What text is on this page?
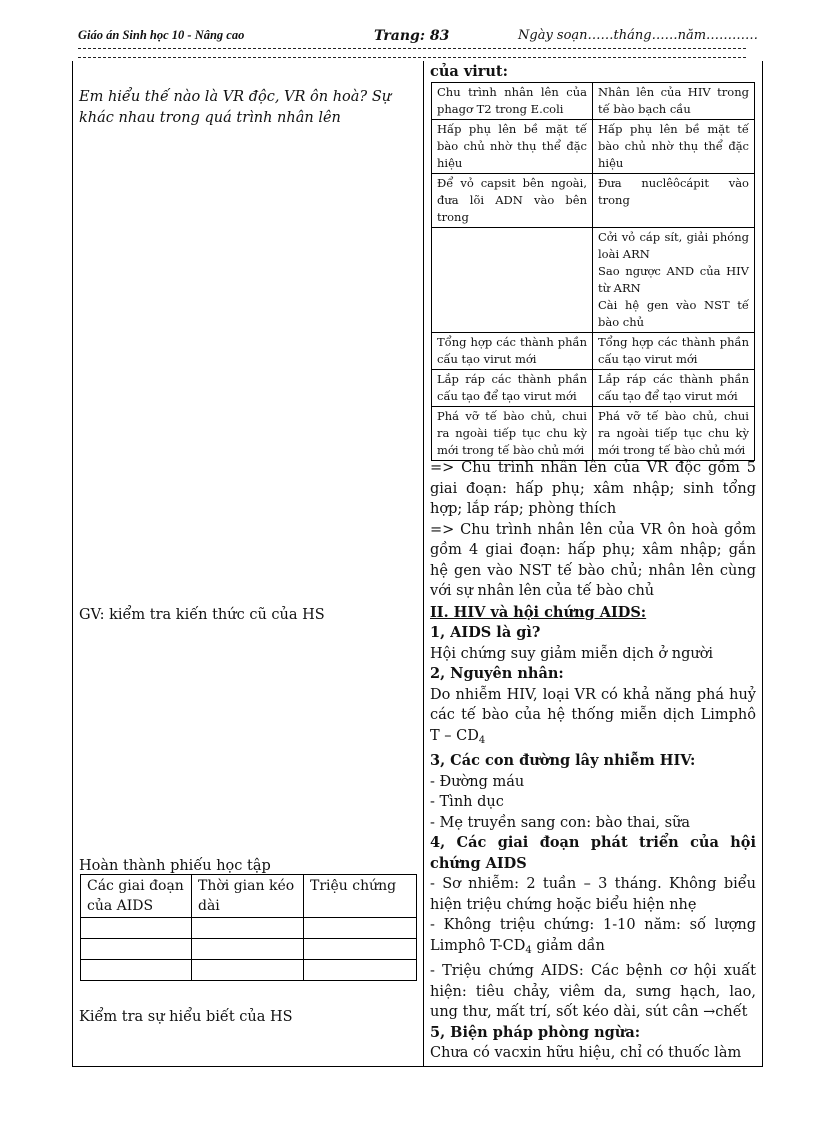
Giáo án Sinh học 10 - Nâng cao	Trang: 83	Ngày soạn……tháng……năm…………
Em hiểu thế nào là VR độc, VR ôn hoà? Sự khác nhau trong quá trình nhân lên
GV: kiểm tra kiến thức cũ của HS
Hoàn thành phiếu học tập
Các giai đoạn của AIDS	Thời gian kéo dài	Triệu chứng

Kiểm tra sự hiểu biết của HS

của virut:

Chu trình nhân lên của phagơ T2 trong E.coli	Nhân lên của HIV trong tế bào bạch cầu
Hấp phụ lên bề mặt tế bào chủ nhờ thụ thể đặc hiệu	Hấp phụ lên bề mặt tế bào chủ nhờ thụ thể đặc hiệu
Để vỏ capsit bên ngoài, đưa lõi ADN vào bên trong	Đưa nuclêôcápit vào trong
	Cởi vỏ cáp sít, giải phóng loài ARN
Sao ngược AND của HIV từ ARN
Cài hệ gen vào NST tế bào chủ
Tổng hợp các thành phần cấu tạo virut mới	Tổng hợp các thành phần cấu tạo virut mới
Lắp ráp các thành phần cấu tạo để tạo virut mới	Lắp ráp các thành phần cấu tạo để tạo virut mới
Phá vỡ tế bào chủ, chui ra ngoài tiếp tục chu kỳ mới trong tế bào chủ mới	Phá vỡ tế bào chủ, chui ra ngoài tiếp tục chu kỳ mới trong tế bào chủ mới

=> Chu trình nhân lên của VR độc gồm 5 giai đoạn: hấp phụ; xâm nhập; sinh tổng hợp; lắp ráp; phòng thích

=> Chu trình nhân lên của VR ôn hoà gồm gồm 4 giai đoạn: hấp phụ; xâm nhập; gắn hệ gen vào NST tế bào chủ; nhân lên cùng với sự nhân lên của tế bào chủ

II. HIV và hội chứng AIDS:

1, AIDS là gì?

Hội chứng suy giảm miễn dịch ở người

2, Nguyên nhân:

Do nhiễm HIV, loại VR có khả năng phá huỷ các tế bào của hệ thống miễn dịch Limphô T – $CD_4$

3, Các con đường lây nhiễm HIV:

- Đường máu

- Tình dục

- Mẹ truyền sang con: bào thai, sữa

4, Các giai đoạn phát triển của hội chứng AIDS

- Sơ nhiễm: 2 tuần – 3 tháng. Không biểu hiện triệu chứng hoặc biểu hiện nhẹ

- Không triệu chứng: 1-10 năm: số lượng Limphô $T-CD_4$ giảm dần

- Triệu chứng AIDS: Các bệnh cơ hội xuất hiện: tiêu chảy, viêm da, sưng hạch, lao, ung thư, mất trí, sốt kéo dài, sút cân →chết

5, Biện pháp phòng ngừa:

Chưa có vacxin hữu hiệu, chỉ có thuốc làm
